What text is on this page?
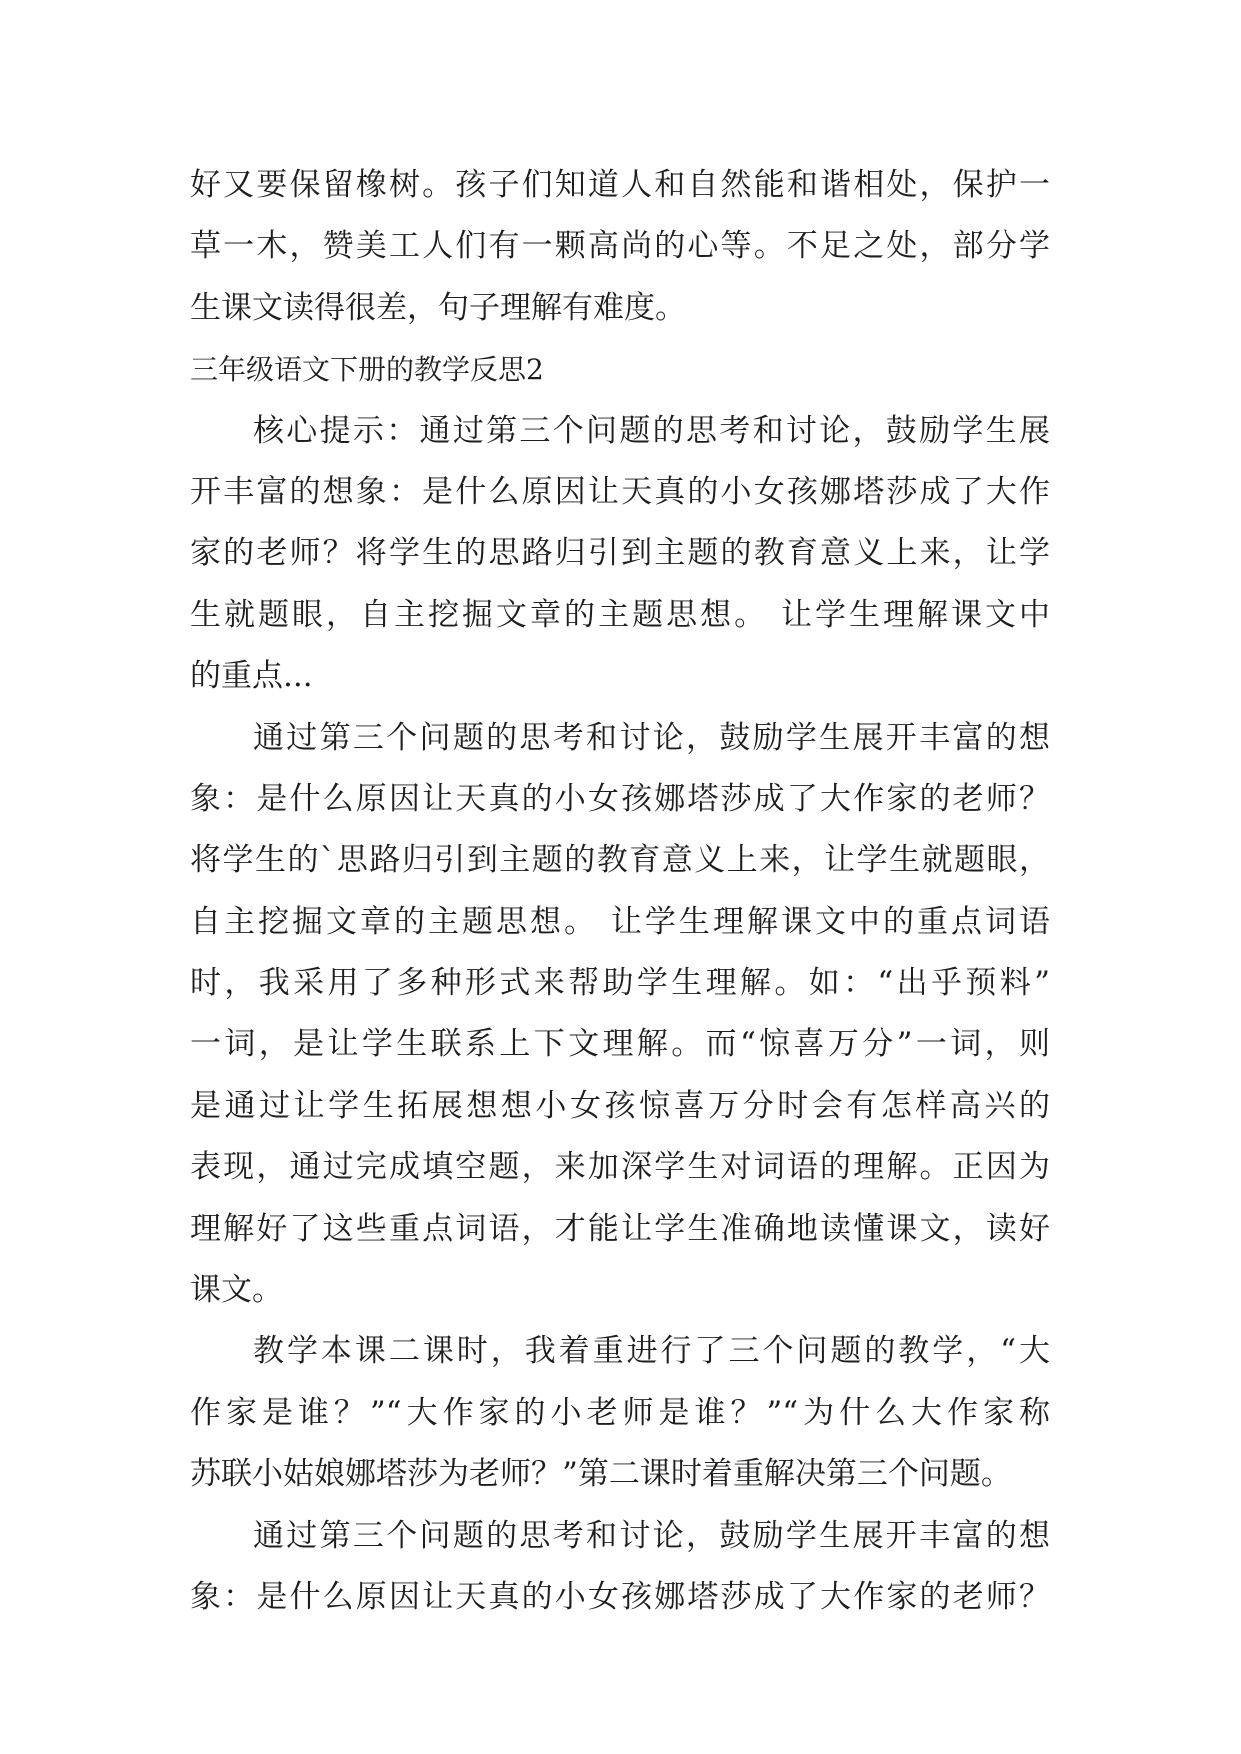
好又要保留橡树。孩子们知道人和自然能和谐相处，保护一
草一木，赞美工人们有一颗高尚的心等。不足之处，部分学
生课文读得很差，句子理解有难度。
三年级语文下册的教学反思2
核心提示：通过第三个问题的思考和讨论，鼓励学生展
开丰富的想象：是什么原因让天真的小女孩娜塔莎成了大作
家的老师？将学生的思路归引到主题的教育意义上来，让学
生就题眼，自主挖掘文章的主题思想。 让学生理解课文中
的重点...
通过第三个问题的思考和讨论，鼓励学生展开丰富的想
象：是什么原因让天真的小女孩娜塔莎成了大作家的老师？
将学生的`思路归引到主题的教育意义上来，让学生就题眼，
自主挖掘文章的主题思想。 让学生理解课文中的重点词语
时，我采用了多种形式来帮助学生理解。如：“出乎预料”
一词，是让学生联系上下文理解。而“惊喜万分”一词，则
是通过让学生拓展想想小女孩惊喜万分时会有怎样高兴的
表现，通过完成填空题，来加深学生对词语的理解。正因为
理解好了这些重点词语，才能让学生准确地读懂课文，读好
课文。
教学本课二课时，我着重进行了三个问题的教学，“大
作家是谁？”“大作家的小老师是谁？”“为什么大作家称
苏联小姑娘娜塔莎为老师？”第二课时着重解决第三个问题。
通过第三个问题的思考和讨论，鼓励学生展开丰富的想
象：是什么原因让天真的小女孩娜塔莎成了大作家的老师？
